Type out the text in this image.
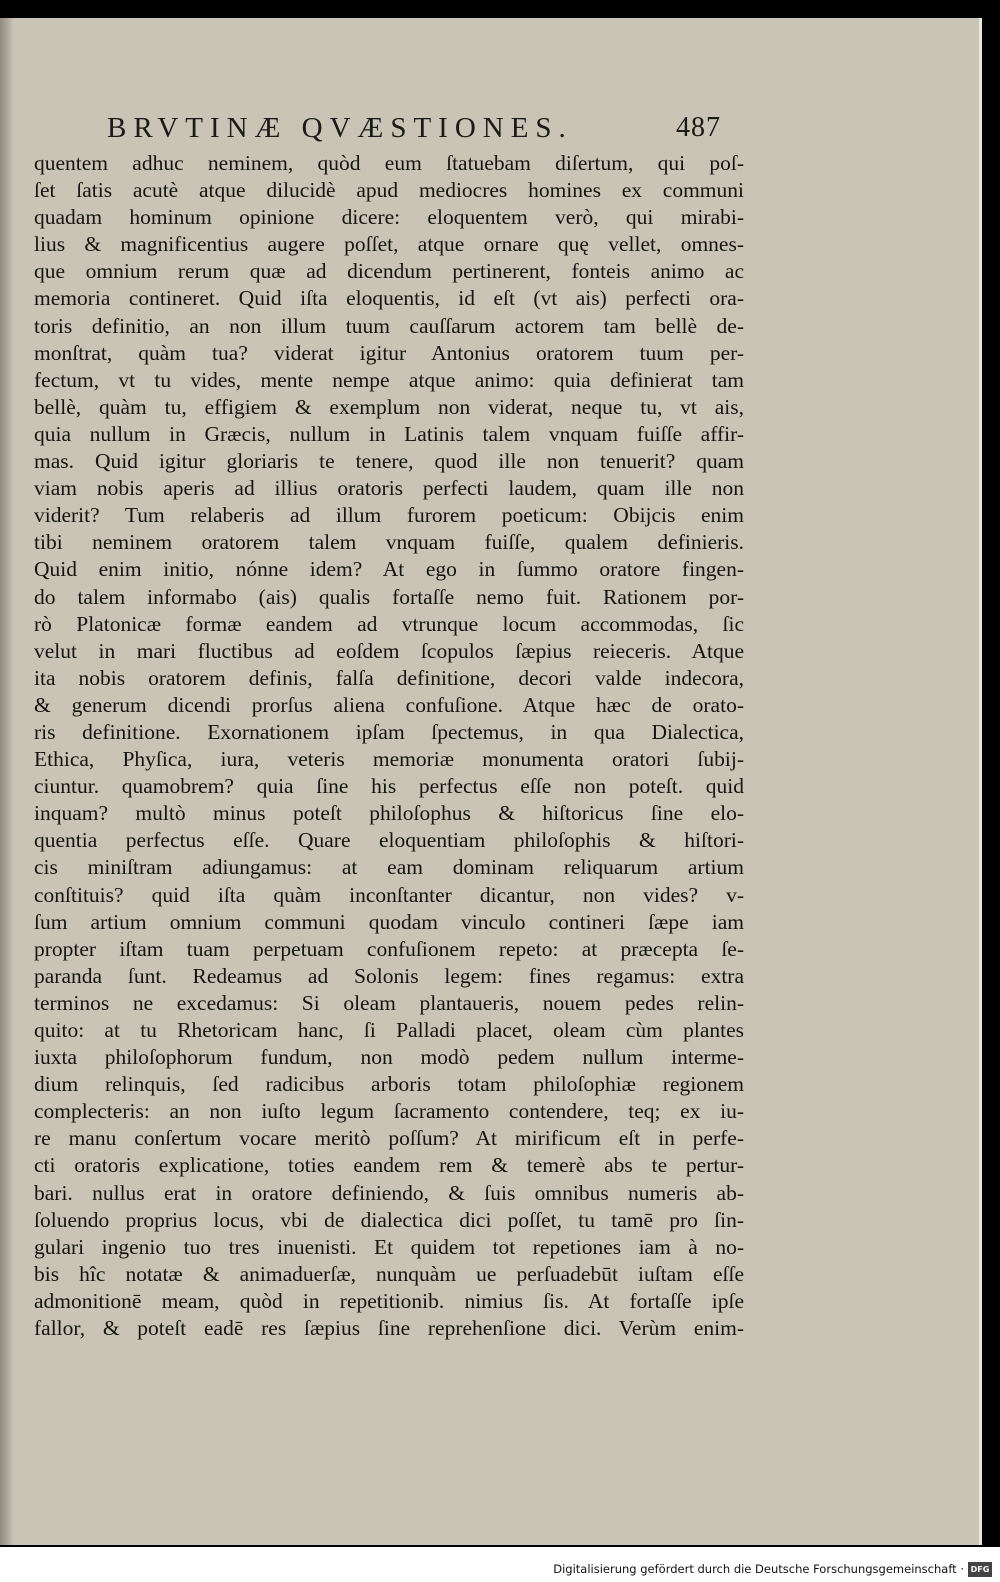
BRVTINÆ QVÆSTIONES.	487
quentem adhuc neminem, quòd eum ſtatuebam diſertum, qui poſ-
ſet ſatis acutè atque dilucidè apud mediocres homines ex communi
quadam hominum opinione dicere: eloquentem verò, qui mirabi-
lius & magnificentius augere poſſet, atque ornare quę vellet, omnes-
que omnium rerum quæ ad dicendum pertinerent, fonteis animo ac
memoria contineret. Quid iſta eloquentis, id eſt (vt ais) perfecti ora-
toris definitio, an non illum tuum cauſſarum actorem tam bellè de-
monſtrat, quàm tua? viderat igitur Antonius oratorem tuum per-
fectum, vt tu vides, mente nempe atque animo: quia definierat tam
bellè, quàm tu, effigiem & exemplum non viderat, neque tu, vt ais,
quia nullum in Græcis, nullum in Latinis talem vnquam fuiſſe affir-
mas. Quid igitur gloriaris te tenere, quod ille non tenuerit? quam
viam nobis aperis ad illius oratoris perfecti laudem, quam ille non
viderit? Tum relaberis ad illum furorem poeticum: Obijcis enim
tibi neminem oratorem talem vnquam fuiſſe, qualem definieris.
Quid enim initio, nónne idem? At ego in ſummo oratore fingen-
do talem informabo (ais) qualis fortaſſe nemo fuit. Rationem por-
rò Platonicæ formæ eandem ad vtrunque locum accommodas, ſic
velut in mari fluctibus ad eoſdem ſcopulos ſæpius reieceris. Atque
ita nobis oratorem definis, falſa definitione, decori valde indecora,
& generum dicendi prorſus aliena confuſione. Atque hæc de orato-
ris definitione. Exornationem ipſam ſpectemus, in qua Dialectica,
Ethica, Phyſica, iura, veteris memoriæ monumenta oratori ſubij-
ciuntur. quamobrem? quia ſine his perfectus eſſe non poteſt. quid
inquam? multò minus poteſt philoſophus & hiſtoricus ſine elo-
quentia perfectus eſſe. Quare eloquentiam philoſophis & hiſtori-
cis miniſtram adiungamus: at eam dominam reliquarum artium
conſtituis? quid iſta quàm inconſtanter dicantur, non vides? v-
ſum artium omnium communi quodam vinculo contineri ſæpe iam
propter iſtam tuam perpetuam confuſionem repeto: at præcepta ſe-
paranda ſunt. Redeamus ad Solonis legem: fines regamus: extra
terminos ne excedamus: Si oleam plantaueris, nouem pedes relin-
quito: at tu Rhetoricam hanc, ſi Palladi placet, oleam cùm plantes
iuxta philoſophorum fundum, non modò pedem nullum interme-
dium relinquis, ſed radicibus arboris totam philoſophiæ regionem
complecteris: an non iuſto legum ſacramento contendere, teq; ex iu-
re manu conſertum vocare meritò poſſum? At mirificum eſt in perfe-
cti oratoris explicatione, toties eandem rem & temerè abs te pertur-
bari. nullus erat in oratore definiendo, & ſuis omnibus numeris ab-
ſoluendo proprius locus, vbi de dialectica dici poſſet, tu tamē pro ſin-
gulari ingenio tuo tres inuenisti. Et quidem tot repetiones iam à no-
bis hîc notatæ & animaduerſæ, nunquàm ue perſuadebūt iuſtam eſſe
admonitionē meam, quòd in repetitionib. nimius ſis. At fortaſſe ipſe
fallor, & poteſt eadē res ſæpius ſine reprehenſione dici. Verùm enim-
Digitalisierung gefördert durch die Deutsche Forschungsgemeinschaft · DFG
